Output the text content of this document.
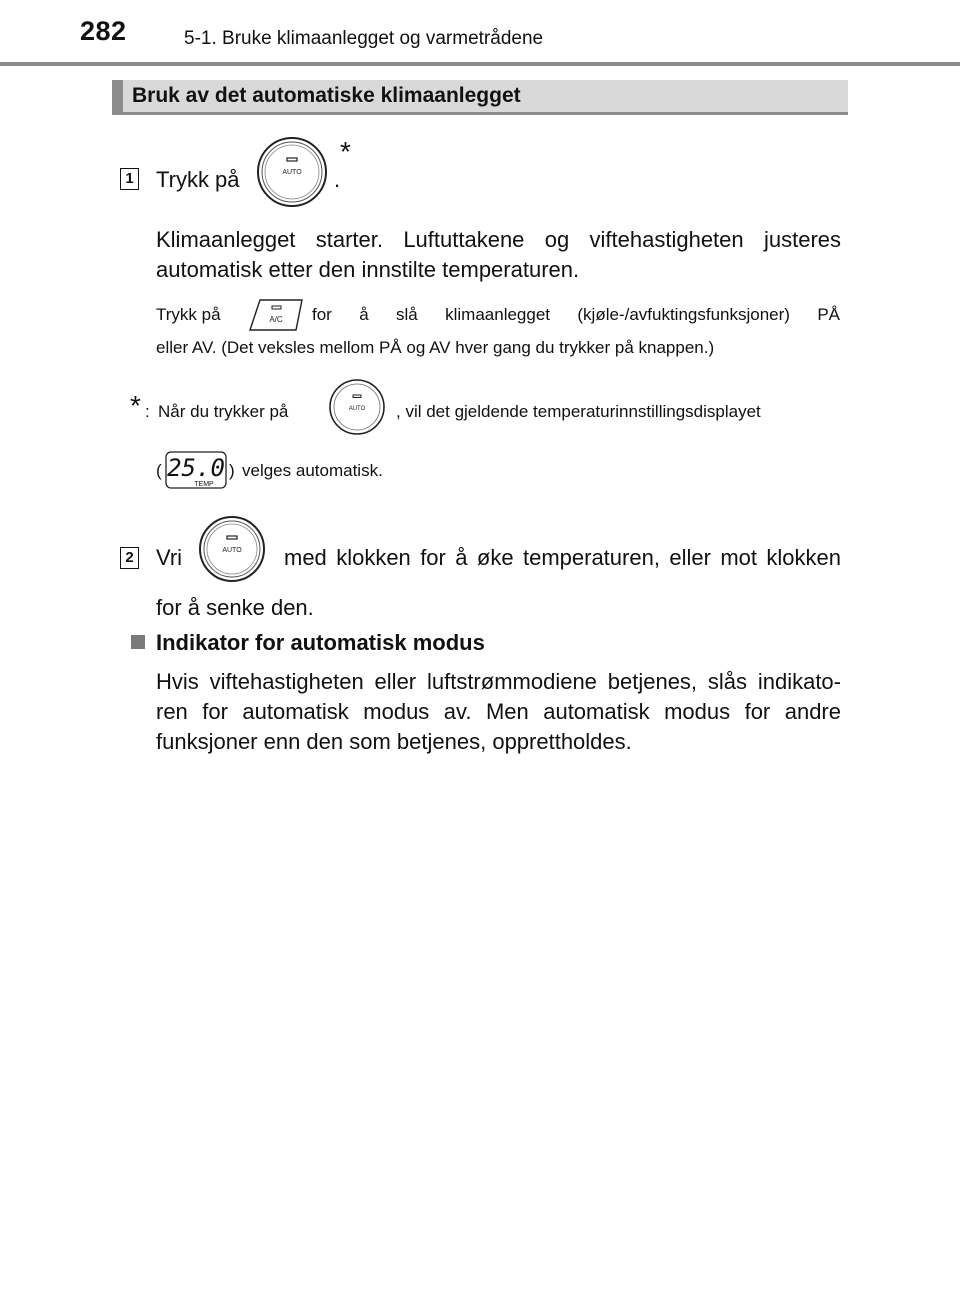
282	5-1. Bruke klimaanlegget og varmetrådene
Bruk av det automatiske klimaanlegget
1 Trykk på	AUTO .
*
Klimaanlegget starter. Luftuttakene og viftehastigheten justeres automatisk etter den innstilte temperaturen.
Trykk på	A/C for å slå klimaanlegget (kjøle-/avfuktingsfunksjoner) PÅ
eller AV. (Det veksles mellom PÅ og AV hver gang du trykker på knappen.)
* : Når du trykker på	AUTO , vil det gjeldende temperaturinnstillingsdisplayet
( 25.0
TEMP
) velges automatisk.
2 Vri	AUTO med klokken for å øke temperaturen, eller mot klokken
for å senke den.
Indikator for automatisk modus
Hvis viftehastigheten eller luftstrømmodiene betjenes, slås indikato-ren for automatisk modus av. Men automatisk modus for andre funksjoner enn den som betjenes, opprettholdes.
